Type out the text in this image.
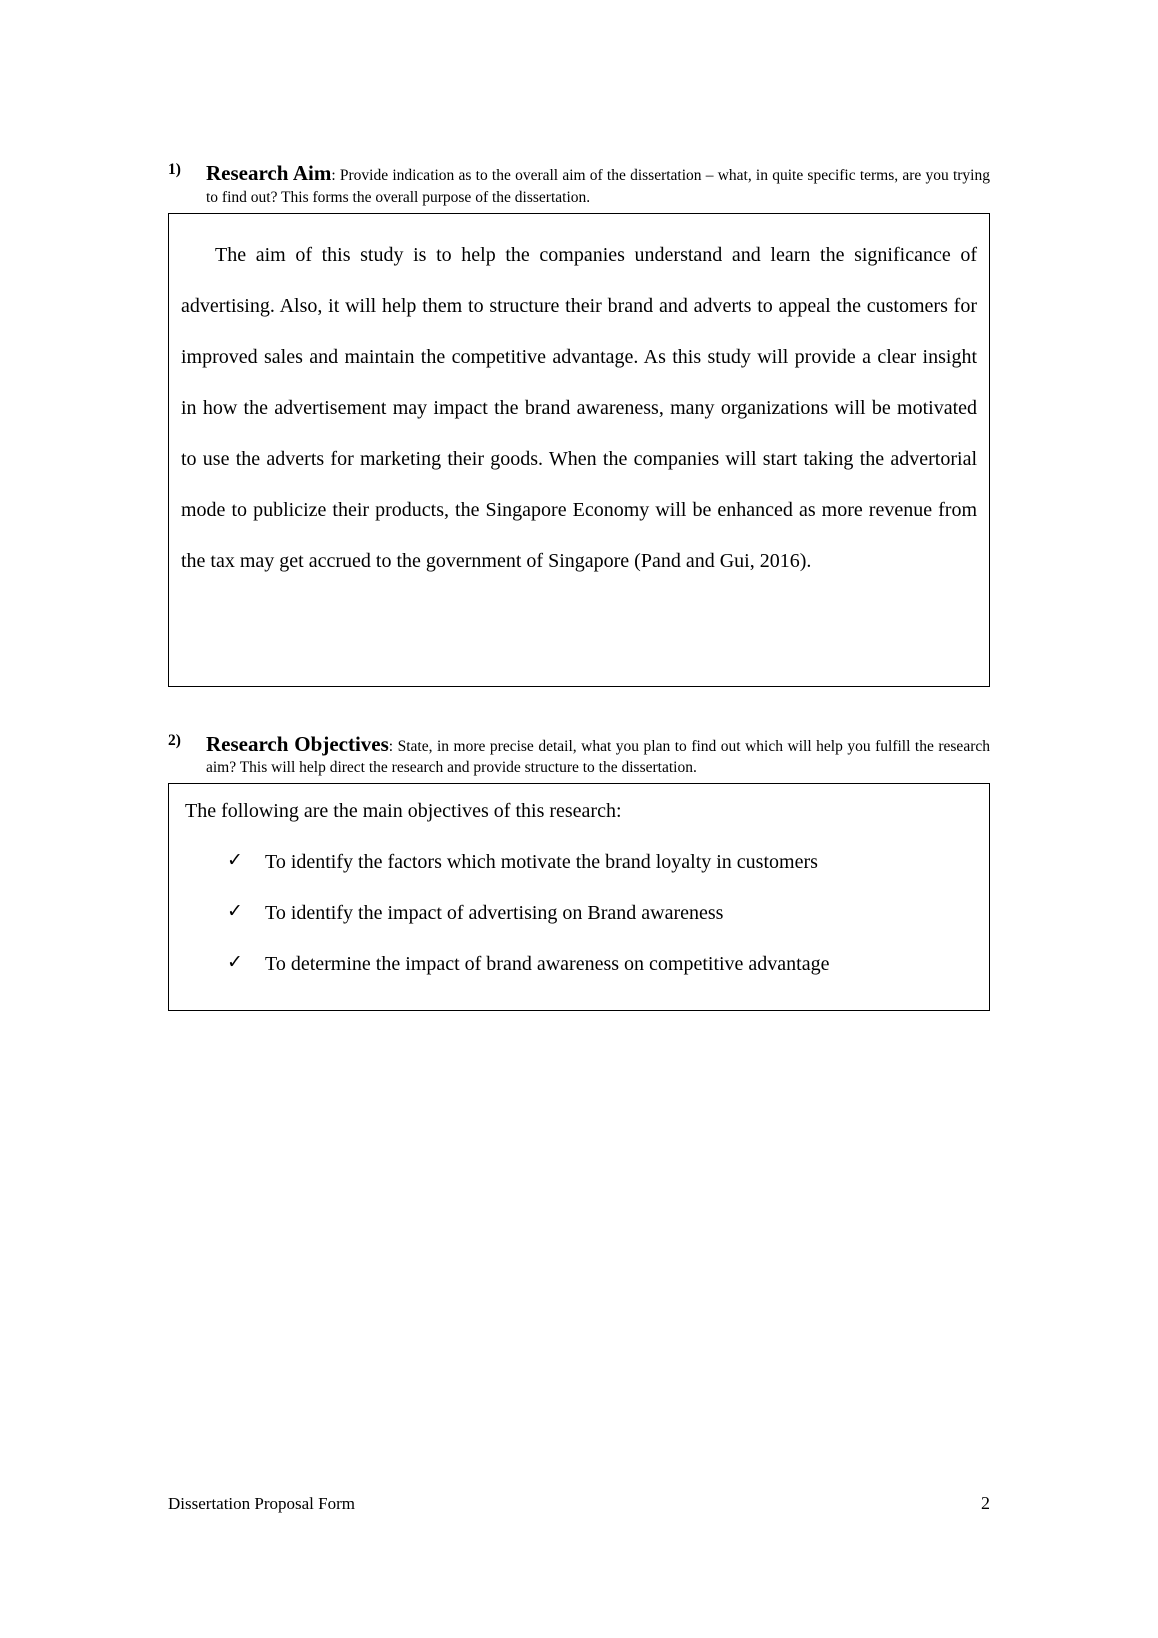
1) Research Aim: Provide indication as to the overall aim of the dissertation – what, in quite specific terms, are you trying to find out? This forms the overall purpose of the dissertation.

The aim of this study is to help the companies understand and learn the significance of advertising. Also, it will help them to structure their brand and adverts to appeal the customers for improved sales and maintain the competitive advantage. As this study will provide a clear insight in how the advertisement may impact the brand awareness, many organizations will be motivated to use the adverts for marketing their goods. When the companies will start taking the advertorial mode to publicize their products, the Singapore Economy will be enhanced as more revenue from the tax may get accrued to the government of Singapore (Pand and Gui, 2016).

2) Research Objectives: State, in more precise detail, what you plan to find out which will help you fulfill the research aim? This will help direct the research and provide structure to the dissertation.

The following are the main objectives of this research:

✓ To identify the factors which motivate the brand loyalty in customers
✓ To identify the impact of advertising on Brand awareness
✓ To determine the impact of brand awareness on competitive advantage
Dissertation Proposal Form	2
